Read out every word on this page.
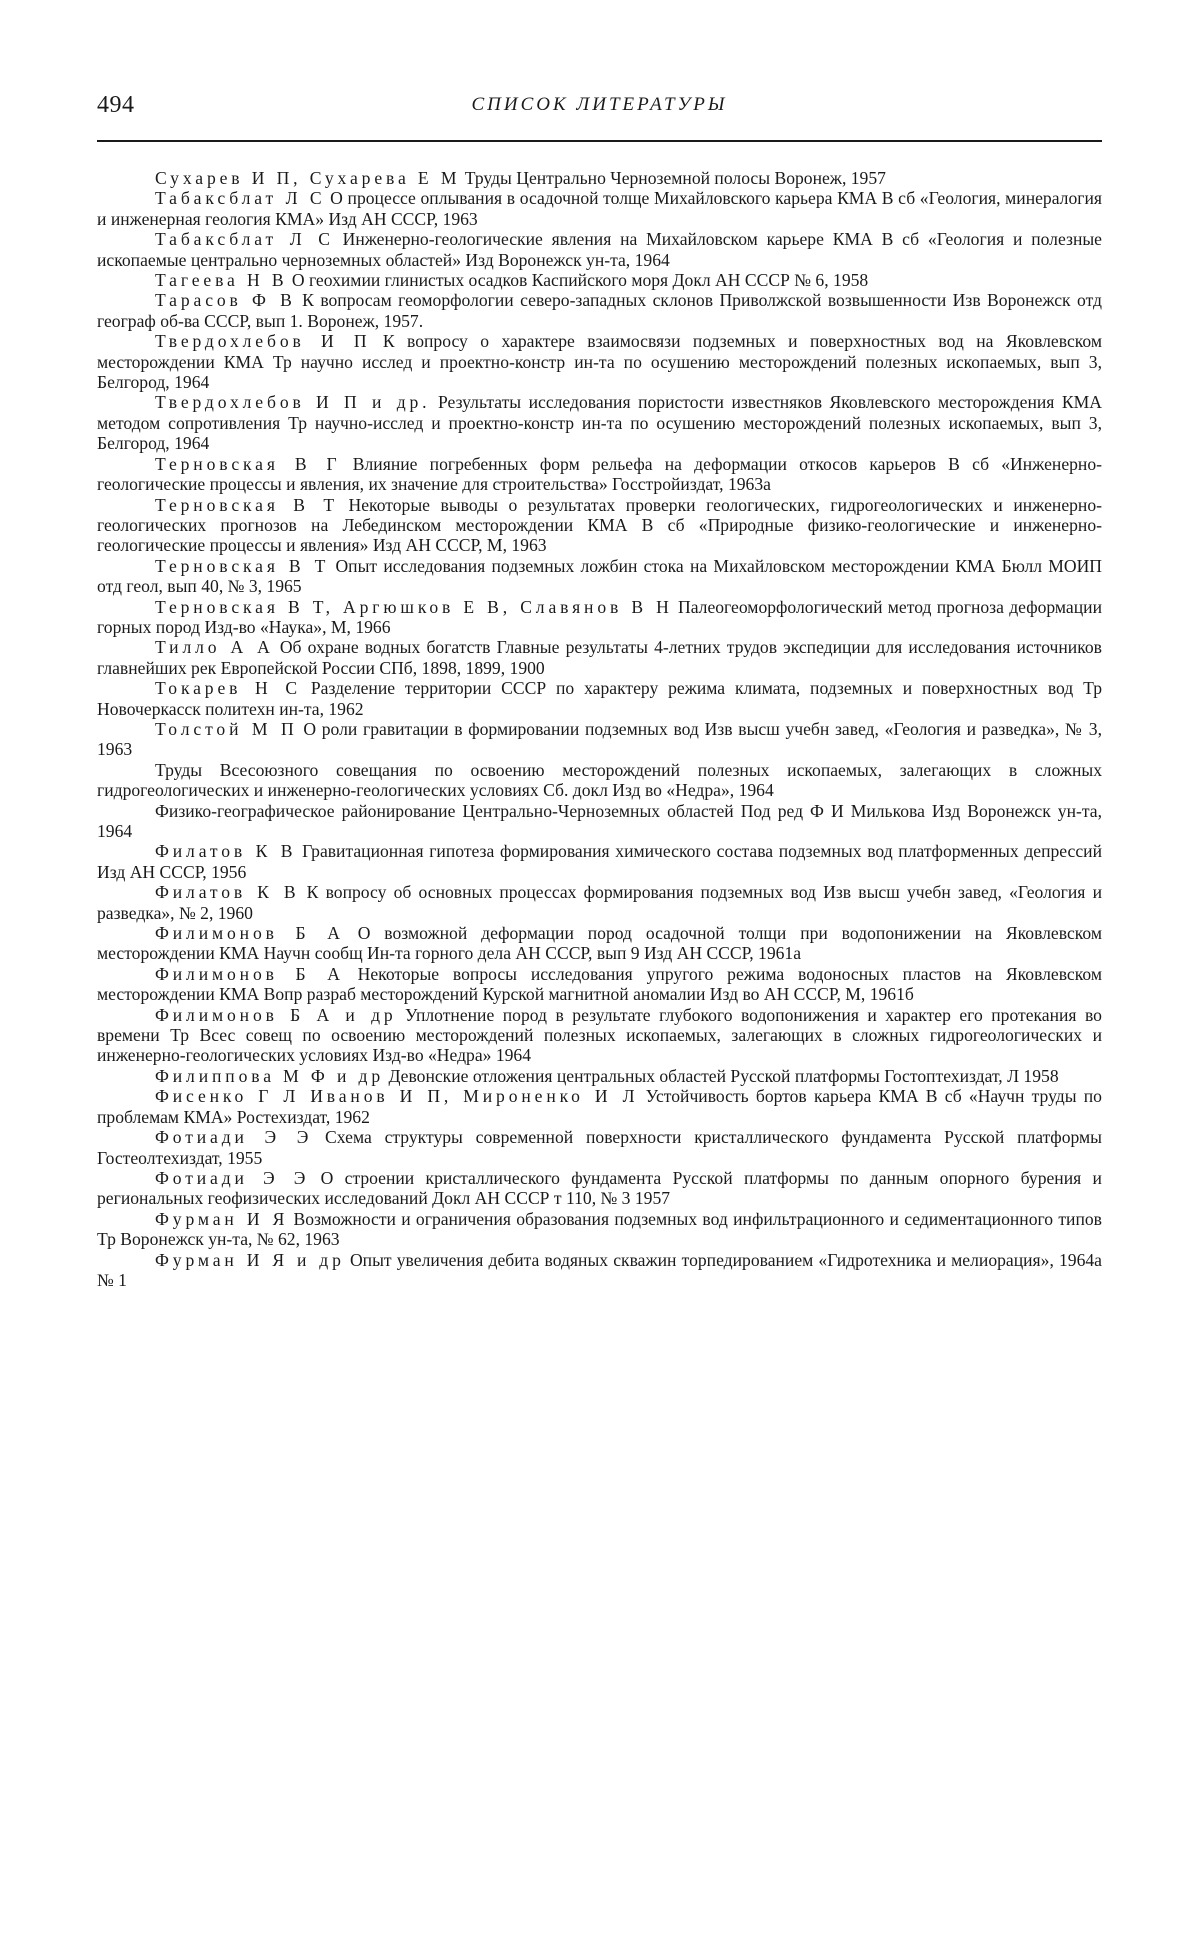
494	СПИСОК ЛИТЕРАТУРЫ

Сухарев И П, Сухарева Е М Труды Центрально Черноземной полосы Воронеж, 1957

Табаксблат Л С О процессе оплывания в осадочной толще Михайловского карьера КМА В сб «Геология, минералогия и инженерная геология КМА» Изд АН СССР, 1963

Табаксблат Л С Инженерно-геологические явления на Михайловском карьере КМА В сб «Геология и полезные ископаемые центрально черноземных областей» Изд Воронежск ун-та, 1964

Тагеева Н В О геохимии глинистых осадков Каспийского моря Докл АН СССР № 6, 1958

Тарасов Ф В К вопросам геоморфологии северо-западных склонов Приволжской возвышенности Изв Воронежск отд географ об-ва СССР, вып 1. Воронеж, 1957.

Твердохлебов И П К вопросу о характере взаимосвязи подземных и поверхностных вод на Яковлевском месторождении КМА Тр научно исслед и проектно-констр ин-та по осушению месторождений полезных ископаемых, вып 3, Белгород, 1964

Твердохлебов И П и др. Результаты исследования пористости известняков Яковлевского месторождения КМА методом сопротивления Тр научно-исслед и проектно-констр ин-та по осушению месторождений полезных ископаемых, вып 3, Белгород, 1964

Терновская В Г Влияние погребенных форм рельефа на деформации откосов карьеров В сб «Инженерно-геологические процессы и явления, их значение для строительства» Госстройиздат, 1963а

Терновская В Т Некоторые выводы о результатах проверки геологических, гидрогеологических и инженерно-геологических прогнозов на Лебединском месторождении КМА В сб «Природные физико-геологические и инженерно-геологические процессы и явления» Изд АН СССР, М, 1963

Терновская В Т Опыт исследования подземных ложбин стока на Михайловском месторождении КМА Бюлл МОИП отд геол, вып 40, № 3, 1965

Терновская В Т, Аргюшков Е В, Славянов В Н Палеогеоморфологический метод прогноза деформации горных пород Изд-во «Наука», М, 1966

Тилло А А Об охране водных богатств Главные результаты 4-летних трудов экспедиции для исследования источников главнейших рек Европейской России СПб, 1898, 1899, 1900

Токарев Н С Разделение территории СССР по характеру режима климата, подземных и поверхностных вод Тр Новочеркасск политехн ин-та, 1962

Толстой М П О роли гравитации в формировании подземных вод Изв высш учебн завед, «Геология и разведка», № 3, 1963

Труды Всесоюзного совещания по освоению месторождений полезных ископаемых, залегающих в сложных гидрогеологических и инженерно-геологических условиях Сб. докл Изд во «Недра», 1964

Физико-географическое районирование Центрально-Черноземных областей Под ред Ф И Милькова Изд Воронежск ун-та, 1964

Филатов К В Гравитационная гипотеза формирования химического состава подземных вод платформенных депрессий Изд АН СССР, 1956

Филатов К В К вопросу об основных процессах формирования подземных вод Изв высш учебн завед, «Геология и разведка», № 2, 1960

Филимонов Б А О возможной деформации пород осадочной толщи при водопонижении на Яковлевском месторождении КМА Научн сообщ Ин-та горного дела АН СССР, вып 9 Изд АН СССР, 1961а

Филимонов Б А Некоторые вопросы исследования упругого режима водоносных пластов на Яковлевском месторождении КМА Вопр разраб месторождений Курской магнитной аномалии Изд во АН СССР, М, 1961б

Филимонов Б А и др Уплотнение пород в результате глубокого водопонижения и характер его протекания во времени Тр Всес совещ по освоению месторождений полезных ископаемых, залегающих в сложных гидрогеологических и инженерно-геологических условиях Изд-во «Недра» 1964

Филиппова М Ф и др Девонские отложения центральных областей Русской платформы Гостоптехиздат, Л 1958

Фисенко Г Л Иванов И П, Мироненко И Л Устойчивость бортов карьера КМА В сб «Научн труды по проблемам КМА» Ростехиздат, 1962

Фотиади Э Э Схема структуры современной поверхности кристаллического фундамента Русской платформы Гостеолтехиздат, 1955

Фотиади Э Э О строении кристаллического фундамента Русской платформы по данным опорного бурения и региональных геофизических исследований Докл АН СССР т 110, № 3 1957

Фурман И Я Возможности и ограничения образования подземных вод инфильтрационного и седиментационного типов Тр Воронежск ун-та, № 62, 1963

Фурман И Я и др Опыт увеличения дебита водяных скважин торпедированием «Гидротехника и мелиорация», 1964а № 1
